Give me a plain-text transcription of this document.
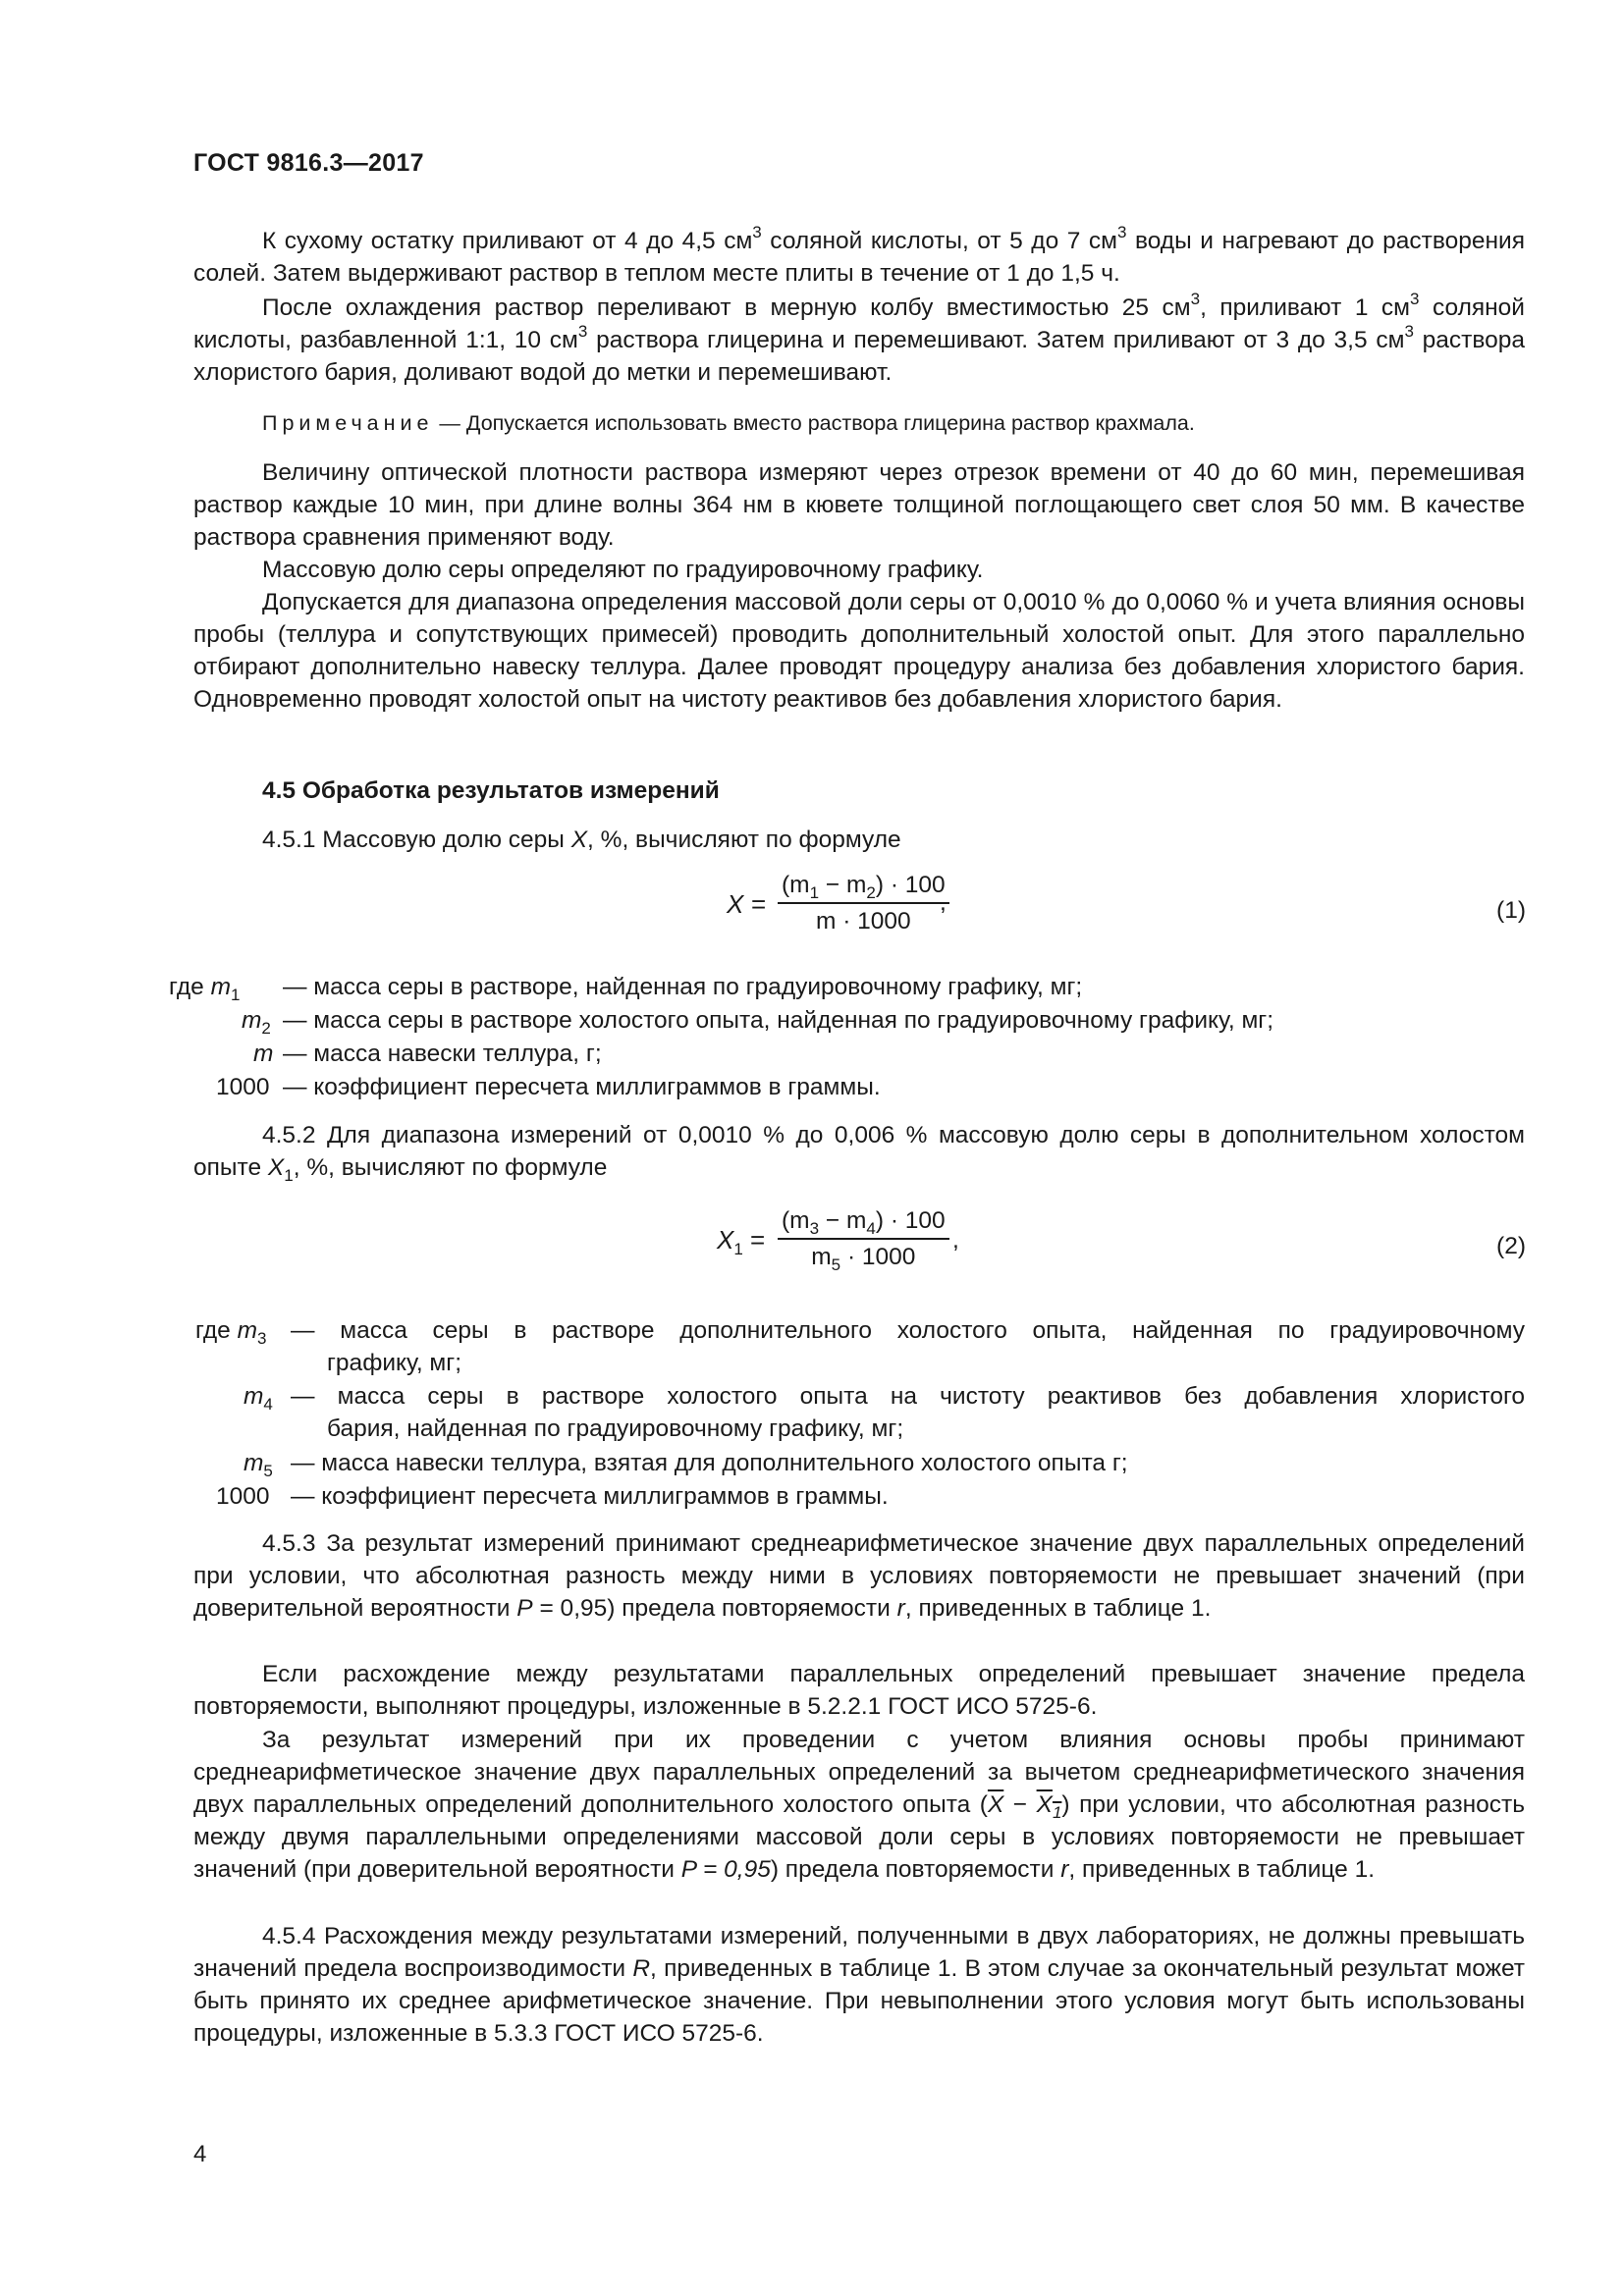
ГОСТ 9816.3—2017
К сухому остатку приливают от 4 до 4,5 $см^3$ соляной кислоты, от 5 до 7 $см^3$ воды и нагревают до растворения солей. Затем выдерживают раствор в теплом месте плиты в течение от 1 до 1,5 ч.
После охлаждения раствор переливают в мерную колбу вместимостью 25 $см^3$, приливают 1 $см^3$ соляной кислоты, разбавленной 1:1, 10 $см^3$ раствора глицерина и перемешивают. Затем приливают от 3 до 3,5 $см^3$ раствора хлористого бария, доливают водой до метки и перемешивают.
Примечание — Допускается использовать вместо раствора глицерина раствор крахмала.
Величину оптической плотности раствора измеряют через отрезок времени от 40 до 60 мин, перемешивая раствор каждые 10 мин, при длине волны 364 нм в кювете толщиной поглощающего свет слоя 50 мм. В качестве раствора сравнения применяют воду.
Массовую долю серы определяют по градуировочному графику.
Допускается для диапазона определения массовой доли серы от 0,0010 % до 0,0060 % и учета влияния основы пробы (теллура и сопутствующих примесей) проводить дополнительный холостой опыт. Для этого параллельно отбирают дополнительно навеску теллура. Далее проводят процедуру анализа без добавления хлористого бария. Одновременно проводят холостой опыт на чистоту реактивов без добавления хлористого бария.
4.5 Обработка результатов измерений
4.5.1 Массовую долю серы X, %, вычисляют по формуле
$X = \frac{(m_1 - m_2) \cdot 100}{m \cdot 1000}$
,	(1)
где $m_1$ — масса серы в растворе, найденная по градуировочному графику, мг;
$m_2$ — масса серы в растворе холостого опыта, найденная по градуировочному графику, мг;
m — масса навески теллура, г;
1000 — коэффициент пересчета миллиграммов в граммы.
4.5.2 Для диапазона измерений от 0,0010 % до 0,006 % массовую долю серы в дополнительном холостом опыте $X_1$, %, вычисляют по формуле
$X_1 = \frac{(m_3 - m_4) \cdot 100}{m_5 \cdot 1000}$ ,	(2)
где $m_3$ — масса серы в растворе дополнительного холостого опыта, найденная по градуировочному
графику, мг;
$m_4$ — масса серы в растворе холостого опыта на чистоту реактивов без добавления хлористого
бария, найденная по градуировочному графику, мг;
$m_5$ — масса навески теллура, взятая для дополнительного холостого опыта г;
1000 — коэффициент пересчета миллиграммов в граммы.
4.5.3 За результат измерений принимают среднеарифметическое значение двух параллельных определений при условии, что абсолютная разность между ними в условиях повторяемости не превышает значений (при доверительной вероятности P = 0,95) предела повторяемости r, приведенных в таблице 1.
Если расхождение между результатами параллельных определений превышает значение предела повторяемости, выполняют процедуры, изложенные в 5.2.2.1 ГОСТ ИСО 5725-6.
За результат измерений при их проведении с учетом влияния основы пробы принимают среднеарифметическое значение двух параллельных определений за вычетом среднеарифметического значения двух параллельных определений дополнительного холостого опыта $(\overline{X} - X_1)$ при условии, что абсолютная разность между двумя параллельными определениями массовой доли серы в условиях повторяемости не превышает значений (при доверительной вероятности P = 0,95) предела повторяемости r, приведенных в таблице 1.
4.5.4 Расхождения между результатами измерений, полученными в двух лабораториях, не должны превышать значений предела воспроизводимости R, приведенных в таблице 1. В этом случае за окончательный результат может быть принято их среднее арифметическое значение. При невыполнении этого условия могут быть использованы процедуры, изложенные в 5.3.3 ГОСТ ИСО 5725-6.
4
